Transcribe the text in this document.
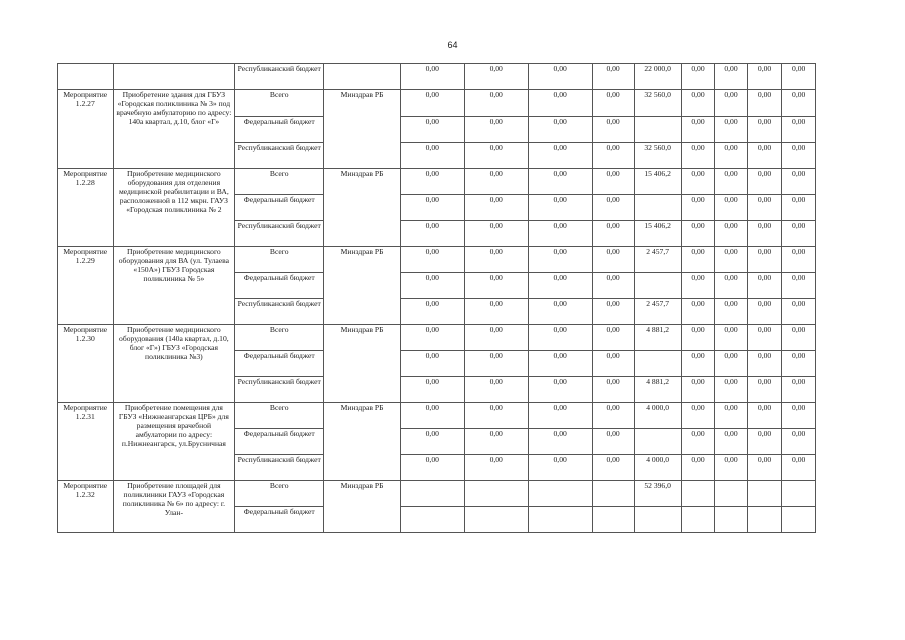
64
		Республиканский бюджет		0,00	0,00	0,00	0,00	22 000,0	0,00	0,00	0,00	0,00
Мероприятие 1.2.27	Приобретение здания для ГБУЗ «Городская поликлиника № 3» под врачебную амбулаторию по адресу: 140а квартал, д.10, блог «Г»	Всего	Минздрав РБ	0,00	0,00	0,00	0,00	32 560,0	0,00	0,00	0,00	0,00
		Федеральный бюджет		0,00	0,00	0,00	0,00		0,00	0,00	0,00	0,00
		Республиканский бюджет		0,00	0,00	0,00	0,00	32 560,0	0,00	0,00	0,00	0,00
Мероприятие 1.2.28	Приобретение медицинского оборудования для отделения медицинской реабилитации и ВА, расположенной в 112 мкрн. ГАУЗ «Городская поликлиника № 2	Всего	Минздрав РБ	0,00	0,00	0,00	0,00	15 406,2	0,00	0,00	0,00	0,00
		Федеральный бюджет		0,00	0,00	0,00	0,00		0,00	0,00	0,00	0,00
		Республиканский бюджет		0,00	0,00	0,00	0,00	15 406,2	0,00	0,00	0,00	0,00
Мероприятие 1.2.29	Приобретение медицинского оборудования для ВА (ул. Тулаева «150А») ГБУЗ Городская поликлиника № 5»	Всего	Минздрав РБ	0,00	0,00	0,00	0,00	2 457,7	0,00	0,00	0,00	0,00
		Федеральный бюджет		0,00	0,00	0,00	0,00		0,00	0,00	0,00	0,00
		Республиканский бюджет		0,00	0,00	0,00	0,00	2 457,7	0,00	0,00	0,00	0,00
Мероприятие 1.2.30	Приобретение медицинского оборудования (140а квартал, д.10, блог «Г») ГБУЗ «Городская поликлиника №3)	Всего	Минздрав РБ	0,00	0,00	0,00	0,00	4 881,2	0,00	0,00	0,00	0,00
		Федеральный бюджет		0,00	0,00	0,00	0,00		0,00	0,00	0,00	0,00
		Республиканский бюджет		0,00	0,00	0,00	0,00	4 881,2	0,00	0,00	0,00	0,00
Мероприятие 1.2.31	Приобретение помещения для ГБУЗ «Нижнеангарская ЦРБ» для размещения врачебной амбулатории по адресу: п.Нижнеангарск, ул.Брусничная	Всего	Минздрав РБ	0,00	0,00	0,00	0,00	4 000,0	0,00	0,00	0,00	0,00
		Федеральный бюджет		0,00	0,00	0,00	0,00		0,00	0,00	0,00	0,00
		Республиканский бюджет		0,00	0,00	0,00	0,00	4 000,0	0,00	0,00	0,00	0,00
Мероприятие 1.2.32	Приобретение площадей для поликлиники ГАУЗ «Городская поликлиника № 6» по адресу: г. Улан-	Всего	Минздрав РБ					52 396,0				
		Федеральный бюджет										
